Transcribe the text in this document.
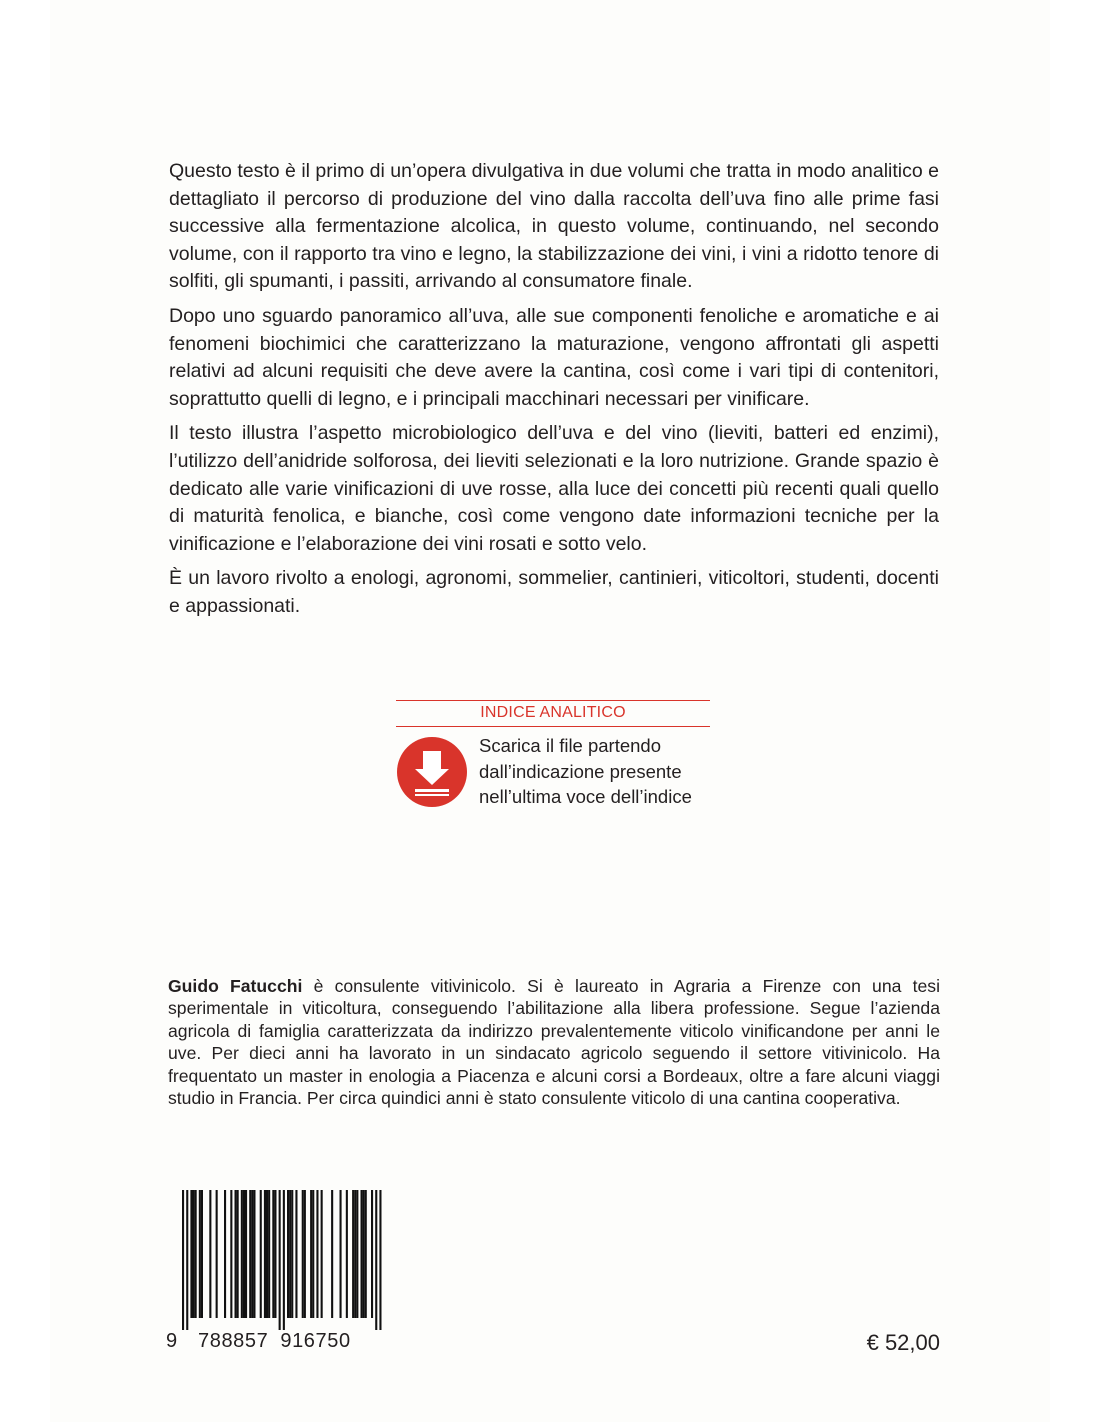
Questo testo è il primo di un’opera divulgativa in due volumi che tratta in modo analitico e dettagliato il percorso di produzione del vino dalla raccolta dell’uva fino alle prime fasi successive alla fermentazione alcolica, in questo volume, continuando, nel secondo volume, con il rapporto tra vino e legno, la stabilizzazione dei vini, i vini a ridotto tenore di solfiti, gli spumanti, i passiti, arrivando al consumatore finale.

Dopo uno sguardo panoramico all’uva, alle sue componenti fenoliche e aromatiche e ai fenomeni biochimici che caratterizzano la maturazione, vengono affrontati gli aspetti relativi ad alcuni requisiti che deve avere la cantina, così come i vari tipi di contenitori, soprattutto quelli di legno, e i principali macchinari necessari per vinificare.

Il testo illustra l’aspetto microbiologico dell’uva e del vino (lieviti, batteri ed enzimi), l’utilizzo dell’anidride solforosa, dei lieviti selezionati e la loro nutrizione. Grande spazio è dedicato alle varie vinificazioni di uve rosse, alla luce dei concetti più recenti quali quello di maturità fenolica, e bianche, così come vengono date informazioni tecniche per la vinificazione e l’elaborazione dei vini rosati e sotto velo.

È un lavoro rivolto a enologi, agronomi, sommelier, cantinieri, viticoltori, studenti, docenti e appassionati.

INDICE ANALITICO

Scarica il file partendo
dall’indicazione presente
nell’ultima voce dell’indice

Guido Fatucchi è consulente vitivinicolo. Si è laureato in Agraria a Firenze con una tesi sperimentale in viticoltura, conseguendo l’abilitazione alla libera professione. Segue l’azienda agricola di famiglia caratterizzata da indirizzo prevalentemente viticolo vinificandone per anni le uve. Per dieci anni ha lavorato in un sindacato agricolo seguendo il settore vitivinicolo. Ha frequentato un master in enologia a Piacenza e alcuni corsi a Bordeaux, oltre a fare alcuni viaggi studio in Francia. Per circa quindici anni è stato consulente viticolo di una cantina cooperativa.

9 788857 916750	€ 52,00
